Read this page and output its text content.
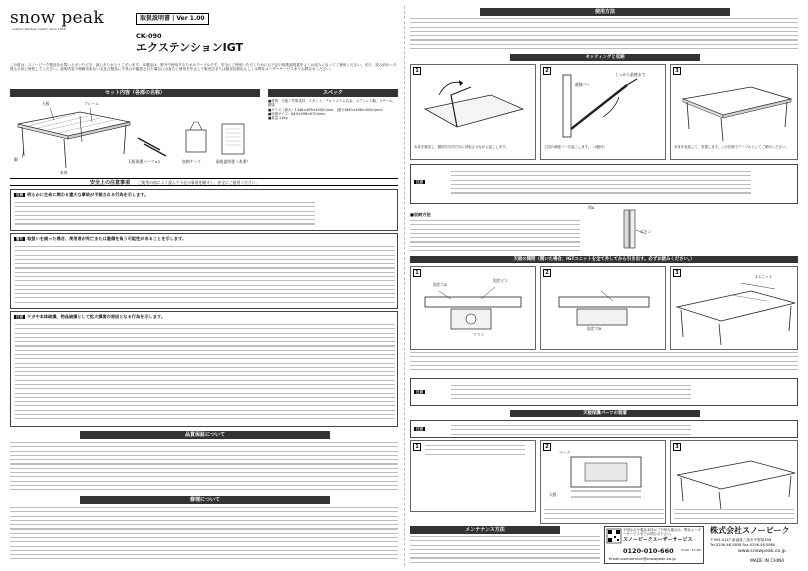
snow peak
outdoor lifestyle creator since 1958
取扱説明書 | Ver 1.00
CK-090
エクステンションIGT
この度は、スノーピーク製品をお買い上げいただき、誠にありがとうございます。本製品は、野外で使用するためのテーブルです。安全にご使用いただくためにも下記の取扱説明書をよくお読みになってご使用ください。また、読み終わった後も大切に保管してください。説明内容で理解出来ない点及び製品に不具合が確認された場合には直ちに使用を中止して販売店または販売店経由もしくは弊社ユーザーサービスまでお問合せください。
セット内容（各部の名称）	スペック
天板	フレーム
脚
本体
天板保護パーツ×2	収納ケース	取扱説明書（本書）
■材質：天板／竹集成材、スタンド／アルミニウム合金、ステンレス鋼、スチール、樹脂
■サイズ（最大）1348×498×400(h)mm、(最小)840×498×400(h)mm
■収納サイズ：840×498×67(h)mm
■重量 11kg
安全上の注意事項 ご使用の前によく読んで下記の事項を順守し、安全にご使用ください。
危険 明らかに生命に関わる重大な事故が予測される行為を示します。
警告 取扱いを誤った場合、使用者が死亡または重傷を負う可能性があることを示します。
注意 ケガや本体破損、物品破損として拡大損害の原因となる行為を示します。
品質保証について
修理について
使用方法
セッティングと収納
1
本体を裏返し、脚部を矢印方向に回転させながら起こします。
2
補強バー
しっかり最後まで
上図の補強バーを起こします。（4箇所）
3
本体を表返して、設置します。この状態でテーブルとしてご使用ください。
注意
■収納方法
図A
ボタン
天板の開閉（開いた場合、IGTユニットを全て外してから引き出す。必ずお読みください。）
1
固定穴A
固定ピン
ツマミ
2
固定穴B
3
1ユニット
注意
天板保護パーツの装着
注意
1	2
マーク
天板
3
メンテナンス方法	不明な点や製品本体がご不明な場合は、弊社ユーザーサービスまでお問合せ下さい。
スノーピークユーザーサービス
0120-010-660 （9:00〜17:00）
Email:userservice@snowpeak.co.jp
株式会社スノーピーク
〒955-0147 新潟県三条市中野原456
Tel.0256-46-5858 Fax.0256-46-5860
www.snowpeak.co.jp
MADE IN CHINA
